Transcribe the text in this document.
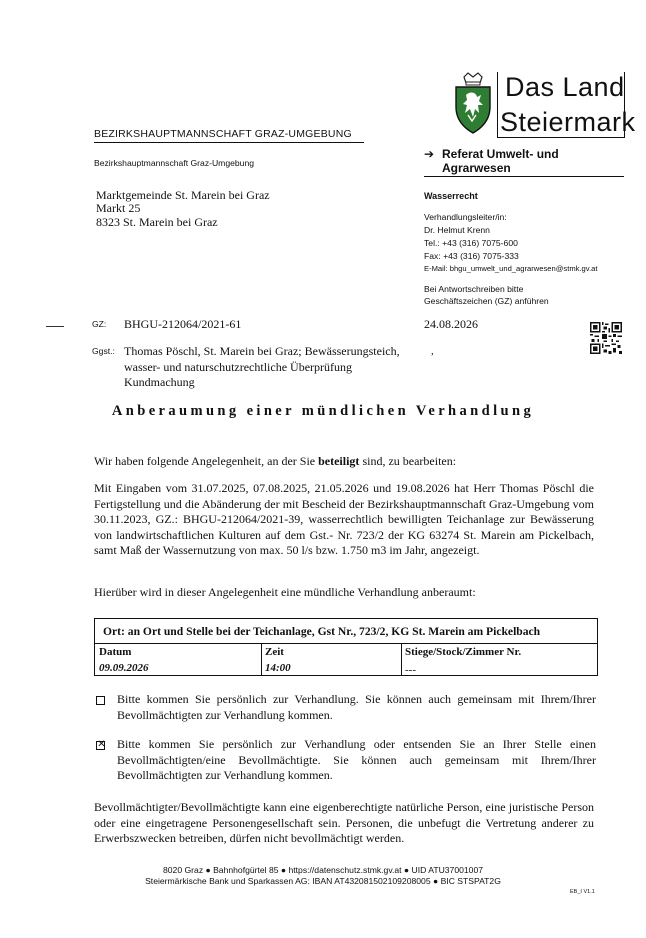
Das Land
Steiermark
BEZIRKSHAUPTMANNSCHAFT GRAZ-UMGEBUNG
➔ Referat Umwelt- und
Agrarwesen
Bezirkshauptmannschaft Graz-Umgebung
Marktgemeinde St. Marein bei Graz
Markt 25
8323 St. Marein bei Graz
Wasserrecht
Verhandlungsleiter/in:
Dr. Helmut Krenn
Tel.: +43 (316) 7075-600
Fax: +43 (316) 7075-333
E-Mail: bhgu_umwelt_und_agrarwesen@stmk.gv.at
Bei Antwortschreiben bitte
Geschäftszeichen (GZ) anführen
GZ: BHGU-212064/2021-61	24.08.2026
Ggst.: Thomas Pöschl, St. Marein bei Graz; Bewässerungsteich,
wasser- und naturschutzrechtliche Überprüfung
Kundmachung
,
Anberaumung einer mündlichen Verhandlung
Wir haben folgende Angelegenheit, an der Sie beteiligt sind, zu bearbeiten:
Mit Eingaben vom 31.07.2025, 07.08.2025, 21.05.2026 und 19.08.2026 hat Herr Thomas Pöschl die Fertigstellung und die Abänderung der mit Bescheid der Bezirkshauptmannschaft Graz-Umgebung vom 30.11.2023, GZ.: BHGU-212064/2021-39, wasserrechtlich bewilligten Teichanlage zur Bewässerung von landwirtschaftlichen Kulturen auf dem Gst.- Nr. 723/2 der KG 63274 St. Marein am Pickelbach, samt Maß der Wassernutzung von max. 50 l/s bzw. 1.750 m3 im Jahr, angezeigt.
Hierüber wird in dieser Angelegenheit eine mündliche Verhandlung anberaumt:
Ort: an Ort und Stelle bei der Teichanlage, Gst Nr., 723/2, KG St. Marein am Pickelbach
Datum	Zeit	Stiege/Stock/Zimmer Nr.
09.09.2026	14:00	---
Bitte kommen Sie persönlich zur Verhandlung. Sie können auch gemeinsam mit Ihrem/Ihrer Bevollmächtigten zur Verhandlung kommen.
✕ Bitte kommen Sie persönlich zur Verhandlung oder entsenden Sie an Ihrer Stelle einen Bevollmächtigten/eine Bevollmächtigte. Sie können auch gemeinsam mit Ihrem/Ihrer Bevollmächtigten zur Verhandlung kommen.
Bevollmächtigter/Bevollmächtigte kann eine eigenberechtigte natürliche Person, eine juristische Person oder eine eingetragene Personengesellschaft sein. Personen, die unbefugt die Vertretung anderer zu Erwerbszwecken betreiben, dürfen nicht bevollmächtigt werden.
8020 Graz ● Bahnhofgürtel 85 ● https://datenschutz.stmk.gv.at ● UID ATU37001007
Steiermärkische Bank und Sparkassen AG: IBAN AT432081502109208005 ● BIC STSPAT2G
EB_I V1.1
